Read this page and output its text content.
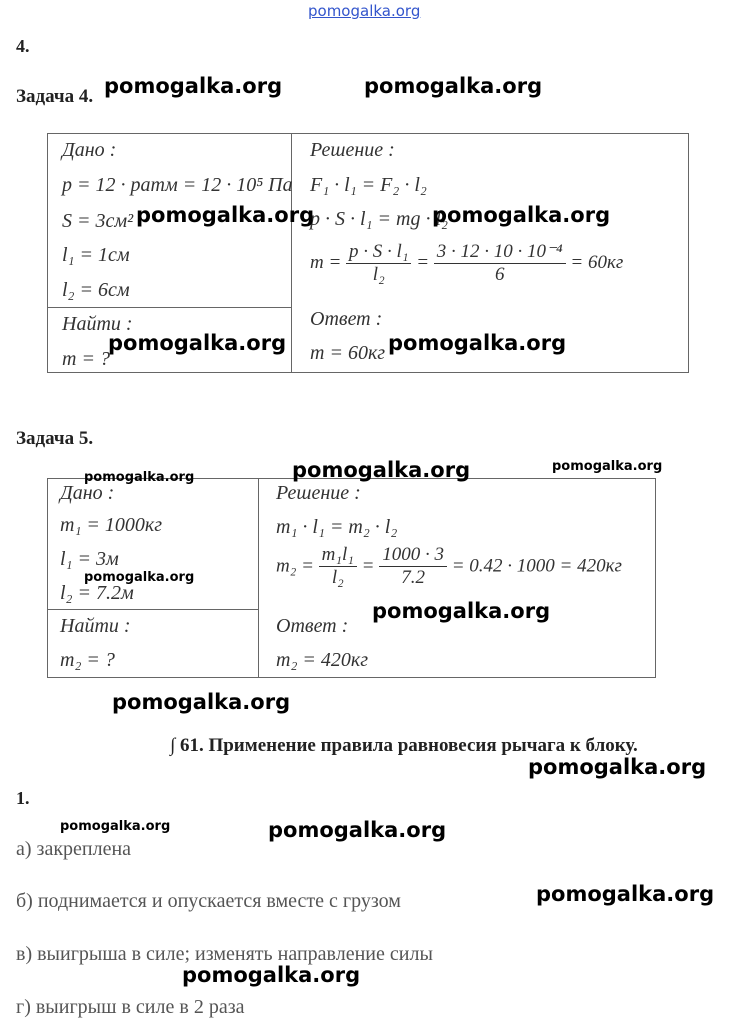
pomogalka.org
4.
Задача 4.
Дано :
p = 12 · pатм = 12 · 10⁵ Па
S = 3см²
l₁ = 1см
l₂ = 6см
Найти :
m = ?
Решение :
F₁ · l₁ = F₂ · l₂
p · S · l₁ = mg · l₂
$m = \frac{\text{p · S · l₁}}{\text{l₂}} = \frac{\text{3 · 12 · 10 · 10⁻⁴}}{6} = 60кг$
Ответ :
m = 60кг
Задача 5.
Дано :
m₁ = 1000кг
l₁ = 3м
l₂ = 7.2м
Найти :
m₂ = ?
Решение :
m₁ · l₁ = m₂ · l₂
$m_2 = \frac{\text{m₁l₁}}{\text{l₂}} = \frac{1000 \cdot 3}{7.2} = 0.42 \cdot 1000 = 420кг$
Ответ :
m₂ = 420кг
∫ 61. Применение правила равновесия рычага к блоку.
1.
а) закреплена
б) поднимается и опускается вместе с грузом
в) выигрыша в силе; изменять направление силы
г) выигрыш в силе в 2 раза
pomogalka.org	pomogalka.org
pomogalka.org	pomogalka.org
pomogalka.org	pomogalka.org
pomogalka.org
pomogalka.org
pomogalka.org
pomogalka.org
pomogalka.org
pomogalka.org
pomogalka.org
pomogalka.org	pomogalka.org
pomogalka.org
pomogalka.org
